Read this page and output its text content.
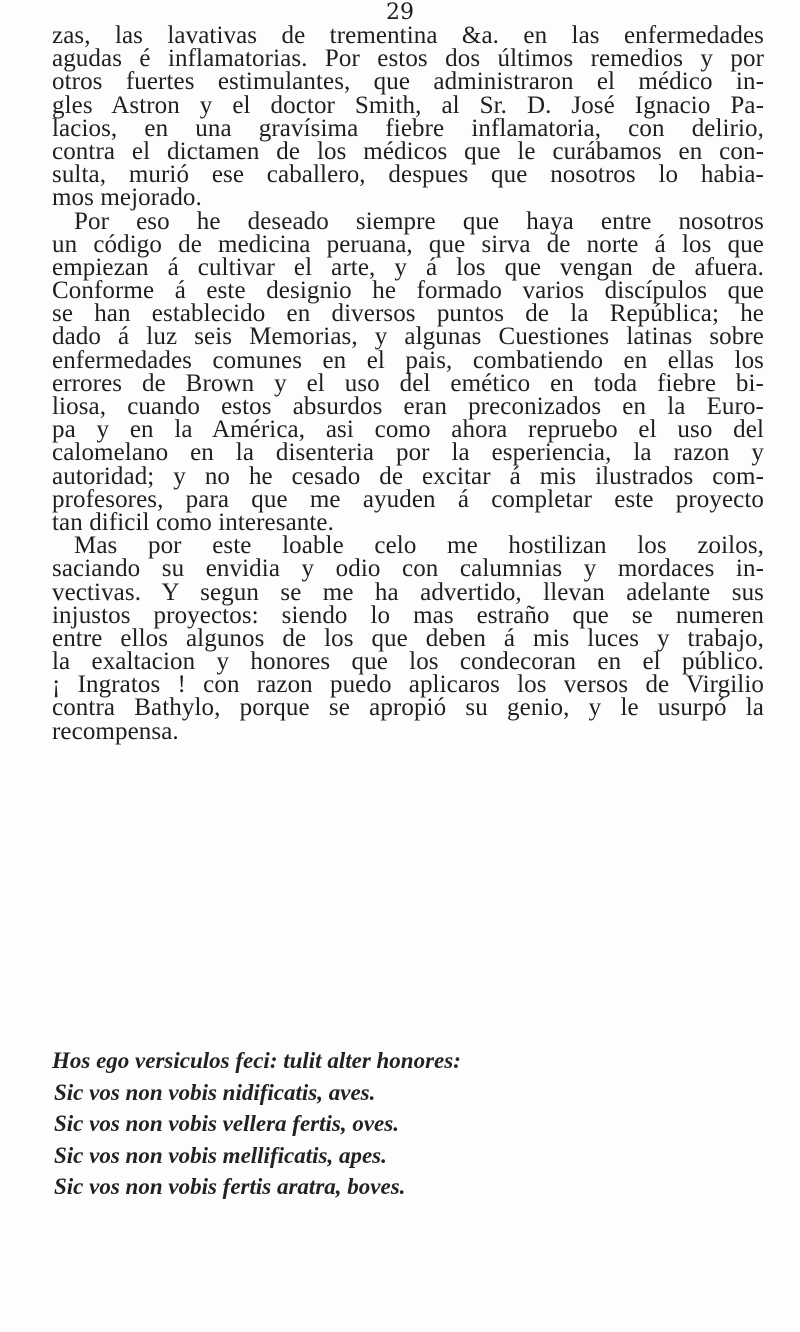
29
zas, las lavativas de trementina &a. en las enfermedades
agudas é inflamatorias. Por estos dos últimos remedios y por
otros fuertes estimulantes, que administraron el médico in-
gles Astron y el doctor Smith, al Sr. D. José Ignacio Pa-
lacios, en una gravísima fiebre inflamatoria, con delirio,
contra el dictamen de los médicos que le curábamos en con-
sulta, murió ese caballero, despues que nosotros lo habia-
mos mejorado.
Por eso he deseado siempre que haya entre nosotros
un código de medicina peruana, que sirva de norte á los que
empiezan á cultivar el arte, y á los que vengan de afuera.
Conforme á este designio he formado varios discípulos que
se han establecido en diversos puntos de la República; he
dado á luz seis Memorias, y algunas Cuestiones latinas sobre
enfermedades comunes en el pais, combatiendo en ellas los
errores de Brown y el uso del emético en toda fiebre bi-
liosa, cuando estos absurdos eran preconizados en la Euro-
pa y en la América, asi como ahora repruebo el uso del
calomelano en la disenteria por la esperiencia, la razon y
autoridad; y no he cesado de excitar á mis ilustrados com-
profesores, para que me ayuden á completar este proyecto
tan dificil como interesante.
Mas por este loable celo me hostilizan los zoilos,
saciando su envidia y odio con calumnias y mordaces in-
vectivas. Y segun se me ha advertido, llevan adelante sus
injustos proyectos: siendo lo mas estraño que se numeren
entre ellos algunos de los que deben á mis luces y trabajo,
la exaltacion y honores que los condecoran en el público.
¡ Ingratos ! con razon puedo aplicaros los versos de Virgilio
contra Bathylo, porque se apropió su genio, y le usurpó la
recompensa.
Hos ego versiculos feci: tulit alter honores:
Sic vos non vobis nidificatis, aves.
Sic vos non vobis vellera fertis, oves.
Sic vos non vobis mellificatis, apes.
Sic vos non vobis fertis aratra, boves.
